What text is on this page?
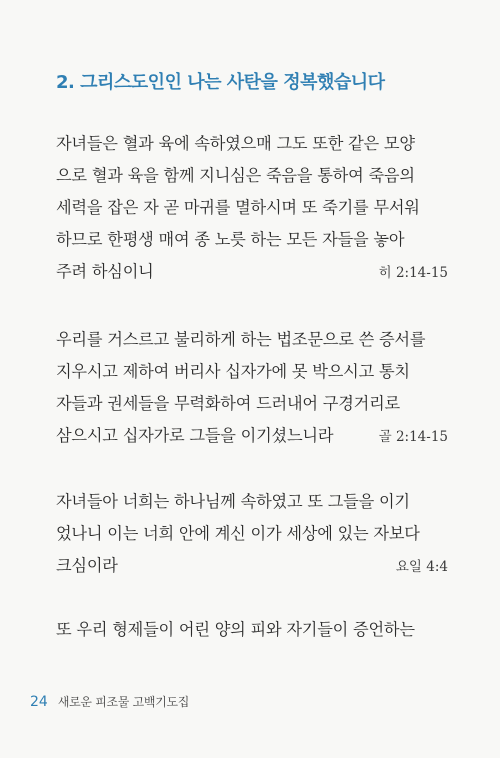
2. 그리스도인인 나는 사탄을 정복했습니다
자녀들은 혈과 육에 속하였으매 그도 또한 같은 모양
으로 혈과 육을 함께 지니심은 죽음을 통하여 죽음의
세력을 잡은 자 곧 마귀를 멸하시며 또 죽기를 무서워
하므로 한평생 매여 종 노릇 하는 모든 자들을 놓아
주려 하심이니	히 2:14-15
우리를 거스르고 불리하게 하는 법조문으로 쓴 증서를
지우시고 제하여 버리사 십자가에 못 박으시고 통치
자들과 권세들을 무력화하여 드러내어 구경거리로
삼으시고 십자가로 그들을 이기셨느니라	골 2:14-15
자녀들아 너희는 하나님께 속하였고 또 그들을 이기
었나니 이는 너희 안에 계신 이가 세상에 있는 자보다
크심이라	요일 4:4
또 우리 형제들이 어린 양의 피와 자기들이 증언하는
24 새로운 피조물 고백기도집
